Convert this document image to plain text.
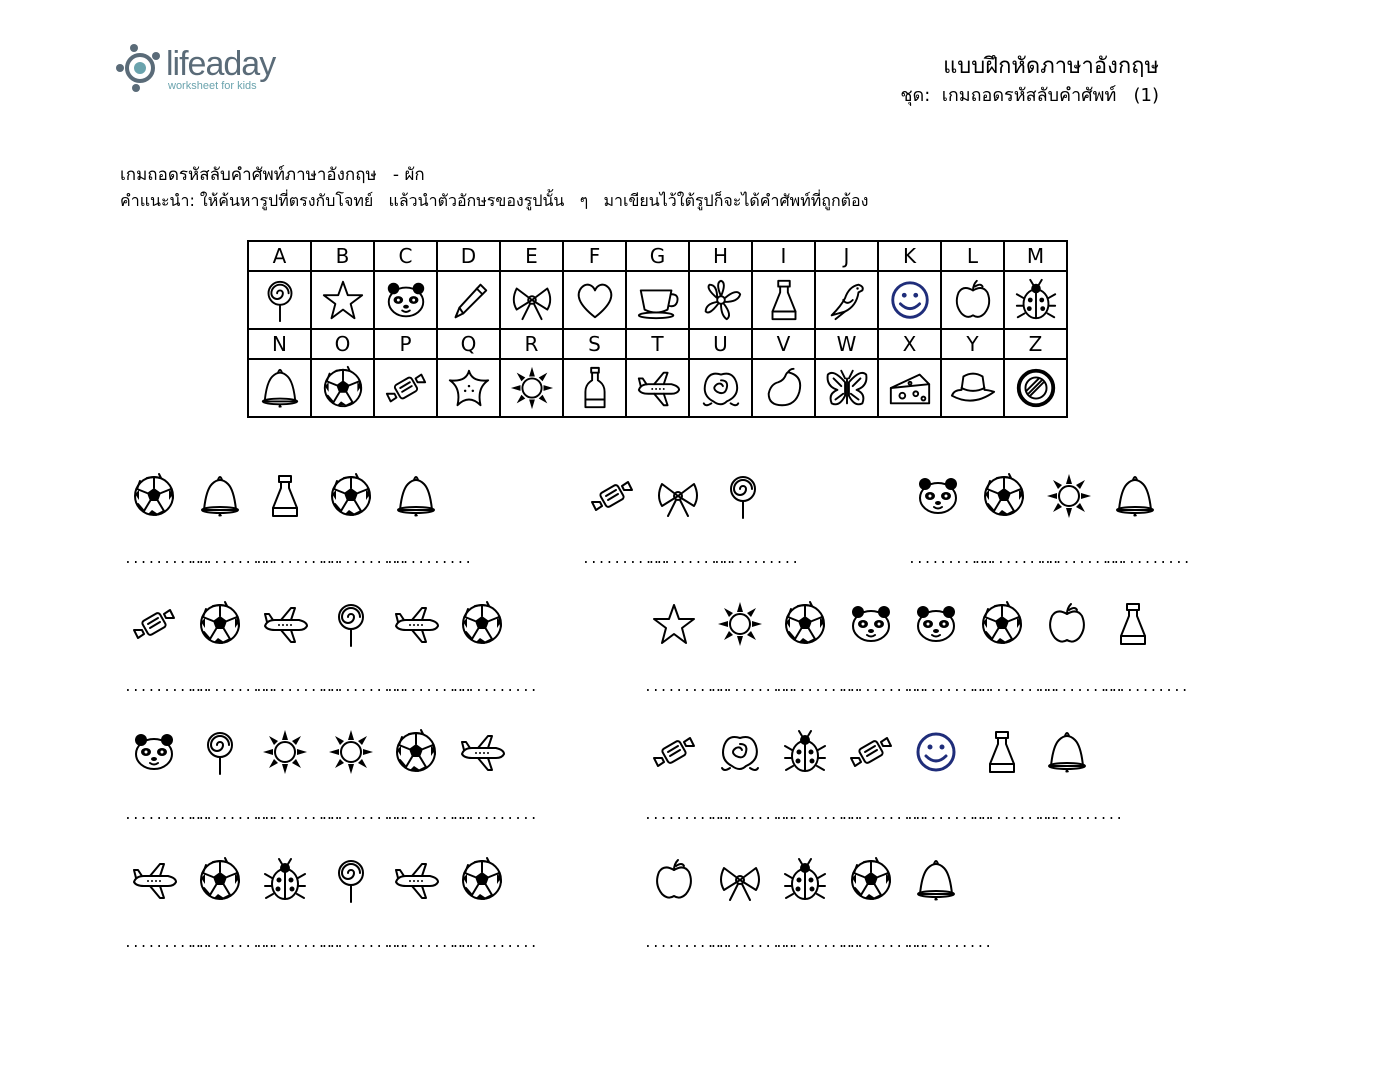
lifeaday
worksheet for kids
แบบฝึกหัดภาษาอังกฤษ
ชุด:  เกมถอดรหัสลับคำศัพท์   (1)
เกมถอดรหัสลับคำศัพท์ภาษาอังกฤษ   - ผัก
คำแนะนำ: ให้ค้นหารูปที่ตรงกับโจทย์   แล้วนำตัวอักษรของรูปนั้น   ๆ   มาเขียนไว้ใต้รูปก็จะได้คำศัพท์ที่ถูกต้อง
A	B	C	D	E	F	G	H	I	J	K	L	M

N	O	P	Q	R	S	T	U	V	W	X	Y	Z

...........
...........
...........
...........
...........	...........
...........
...........	...........
...........
...........
...........
...........
...........
...........
...........
...........
...........	...........
...........
...........
...........
...........
...........
...........
...........
...........
...........
...........
...........
...........
...........	...........
...........
...........
...........
...........
...........
...........
...........
...........
...........
...........
...........
...........	...........
...........
...........
...........
...........
